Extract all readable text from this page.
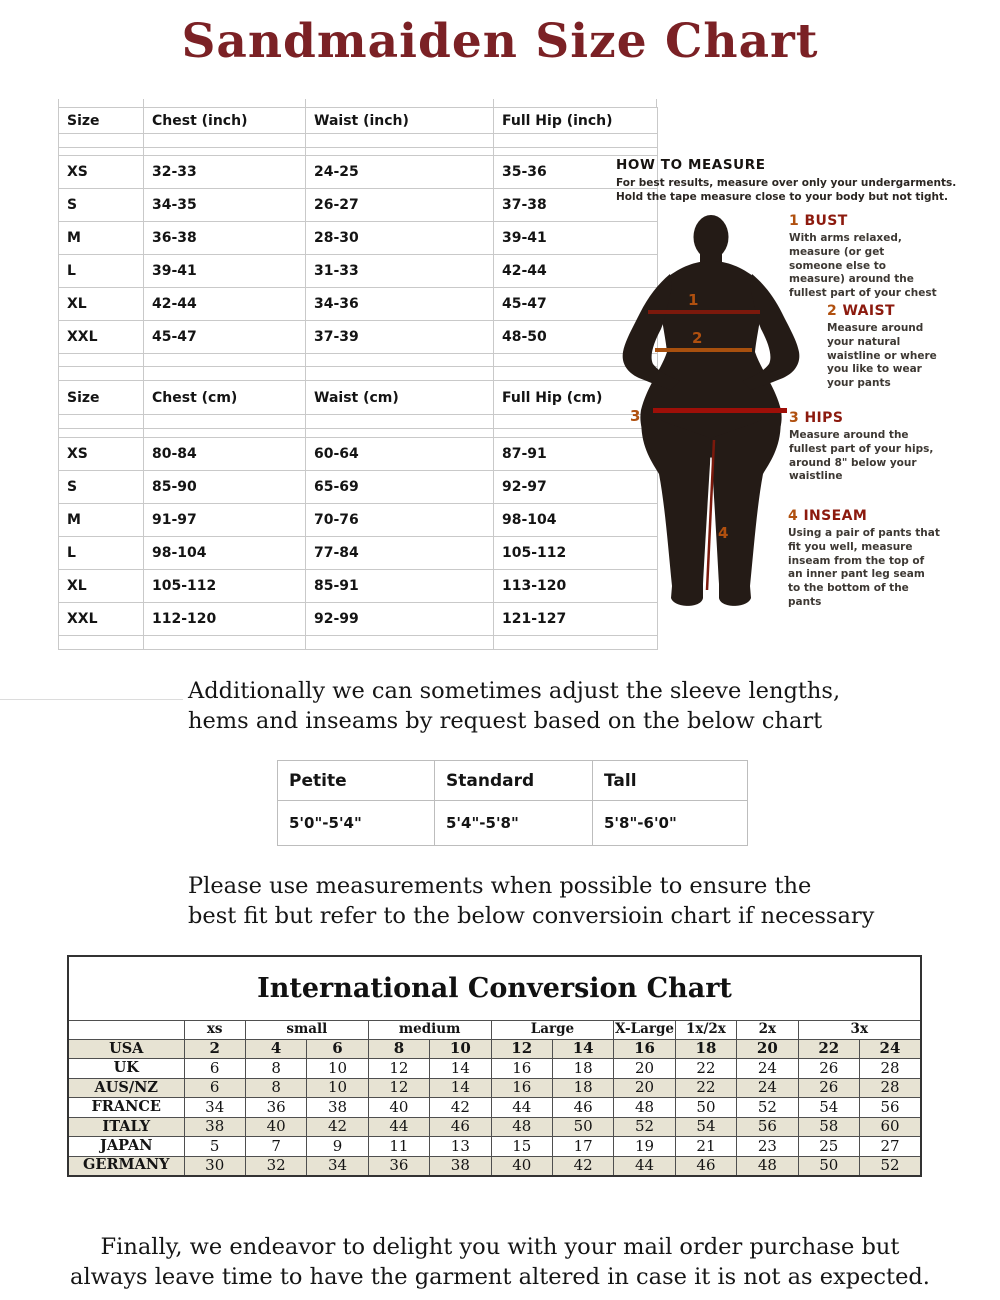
Sandmaiden Size Chart
Size	Chest (inch)	Waist (inch)	Full Hip (inch)

XS	32-33	24-25	35-36
S	34-35	26-27	37-38
M	36-38	28-30	39-41
L	39-41	31-33	42-44
XL	42-44	34-36	45-47
XXL	45-47	37-39	48-50

Size	Chest (cm)	Waist (cm)	Full Hip (cm)

XS	80-84	60-64	87-91
S	85-90	65-69	92-97
M	91-97	70-76	98-104
L	98-104	77-84	105-112
XL	105-112	85-91	113-120
XXL	112-120	92-99	121-127

HOW TO MEASURE
For best results, measure over only your undergarments.
Hold the tape measure close to your body but not tight.
1
2
3
4
1 BUST
With arms relaxed,
measure (or get
someone else to
measure) around the
fullest part of your chest
2 WAIST
Measure around
your natural
waistline or where
you like to wear
your pants
3 HIPS
Measure around the
fullest part of your hips,
around 8" below your
waistline
4 INSEAM
Using a pair of pants that
fit you well, measure
inseam from the top of
an inner pant leg seam
to the bottom of the
pants
Additionally we can sometimes adjust the sleeve lengths,
hems and inseams by request based on the below chart
Petite	Standard	Tall
5'0"-5'4"	5'4"-5'8"	5'8"-6'0"
Please use measurements when possible to ensure the
best fit but refer to the below conversioin chart if necessary
International Conversion Chart												
	xs	small		medium		Large		X-Large	1x/2x	2x	3x	
USA	2	4	6	8	10	12	14	16	18	20	22	24
UK	6	8	10	12	14	16	18	20	22	24	26	28
AUS/NZ	6	8	10	12	14	16	18	20	22	24	26	28
FRANCE	34	36	38	40	42	44	46	48	50	52	54	56
ITALY	38	40	42	44	46	48	50	52	54	56	58	60
JAPAN	5	7	9	11	13	15	17	19	21	23	25	27
GERMANY	30	32	34	36	38	40	42	44	46	48	50	52
Finally, we endeavor to delight you with your mail order purchase but
always leave time to have the garment altered in case it is not as expected.
